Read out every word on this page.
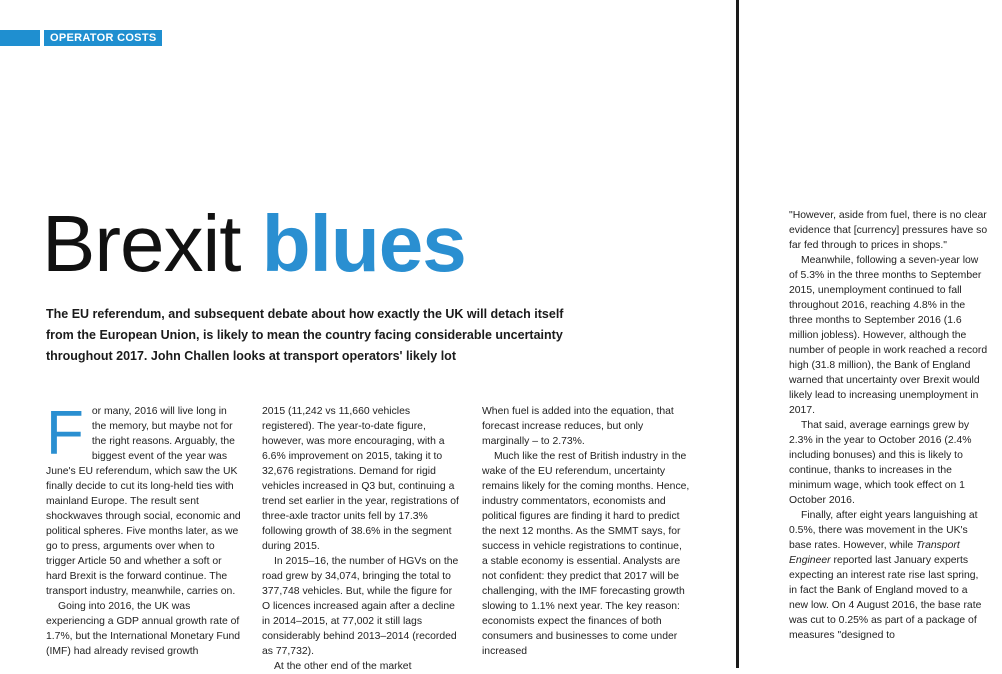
OPERATOR COSTS
Brexit blues

The EU referendum, and subsequent debate about how exactly the UK will detach itself from the European Union, is likely to mean the country facing considerable uncertainty throughout 2017. John Challen looks at transport operators' likely lot

For many, 2016 will live long in the memory, but maybe not for the right reasons. Arguably, the biggest event of the year was June's EU referendum, which saw the UK finally decide to cut its long-held ties with mainland Europe. The result sent shockwaves through social, economic and political spheres. Five months later, as we go to press, arguments over when to trigger Article 50 and whether a soft or hard Brexit is the forward continue. The transport industry, meanwhile, carries on.

Going into 2016, the UK was experiencing a GDP annual growth rate of 1.7%, but the International Monetary Fund (IMF) had already revised growth

2015 (11,242 vs 11,660 vehicles registered). The year-to-date figure, however, was more encouraging, with a 6.6% improvement on 2015, taking it to 32,676 registrations. Demand for rigid vehicles increased in Q3 but, continuing a trend set earlier in the year, registrations of three-axle tractor units fell by 17.3% following growth of 38.6% in the segment during 2015.

In 2015–16, the number of HGVs on the road grew by 34,074, bringing the total to 377,748 vehicles. But, while the figure for O licences increased again after a decline in 2014–2015, at 77,002 it still lags considerably behind 2013–2014 (recorded as 77,732).

At the other end of the market

When fuel is added into the equation, that forecast increase reduces, but only marginally – to 2.73%.

Much like the rest of British industry in the wake of the EU referendum, uncertainty remains likely for the coming months. Hence, industry commentators, economists and political figures are finding it hard to predict the next 12 months. As the SMMT says, for success in vehicle registrations to continue, a stable economy is essential. Analysts are not confident: they predict that 2017 will be challenging, with the IMF forecasting growth slowing to 1.1% next year. The key reason: economists expect the finances of both consumers and businesses to come under increased

"However, aside from fuel, there is no clear evidence that [currency] pressures have so far fed through to prices in shops."

Meanwhile, following a seven-year low of 5.3% in the three months to September 2015, unemployment continued to fall throughout 2016, reaching 4.8% in the three months to September 2016 (1.6 million jobless). However, although the number of people in work reached a record high (31.8 million), the Bank of England warned that uncertainty over Brexit would likely lead to increasing unemployment in 2017.

That said, average earnings grew by 2.3% in the year to October 2016 (2.4% including bonuses) and this is likely to continue, thanks to increases in the minimum wage, which took effect on 1 October 2016.

Finally, after eight years languishing at 0.5%, there was movement in the UK's base rates. However, while Transport Engineer reported last January experts expecting an interest rate rise last spring, in fact the Bank of England moved to a new low. On 4 August 2016, the base rate was cut to 0.25% as part of a package of measures "designed to
